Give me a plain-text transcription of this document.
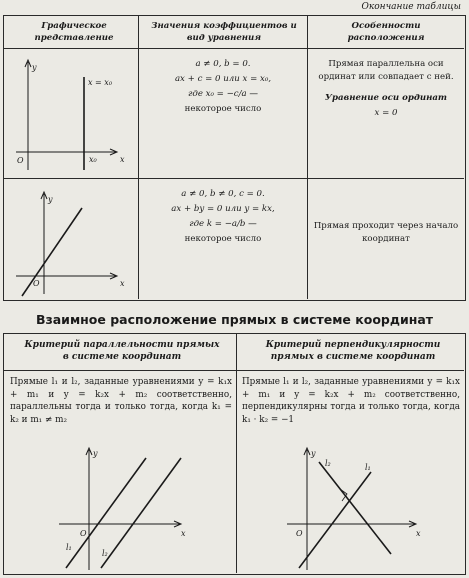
Окончание таблицы
Графическое представление
Значения коэффициентов и вид уравнения
Особенности расположения
y
x
O
x = x₀
x₀

a ≠ 0, b = 0.

ax + c = 0 или x = x₀,

где x₀ = −c/a —

некоторое число

Прямая параллельна оси ординат или совпадает с ней.

Уравнение оси ординат

x = 0

y
x
O

a ≠ 0, b ≠ 0, c = 0.

ax + by = 0 или y = kx,

где k = −a/b —

некоторое число

Прямая проходит через начало координат

Взаимное расположение прямых в системе координат
Критерий параллельности прямых в системе координат
Критерий перпендикулярности прямых в системе координат
Прямые l₁ и l₂, заданные уравнениями y = k₁x + m₁ и y = k₂x + m₂ соответственно, параллельны тогда и только тогда, когда k₁ = k₂ и m₁ ≠ m₂
Прямые l₁ и l₂, заданные уравнениями y = k₁x + m₁ и y = k₂x + m₂ соответственно, перпендикулярны тогда и только тогда, когда k₁ · k₂ = −1
y
x
O
l₁
l₂
y
x
O
l₂	l₁
